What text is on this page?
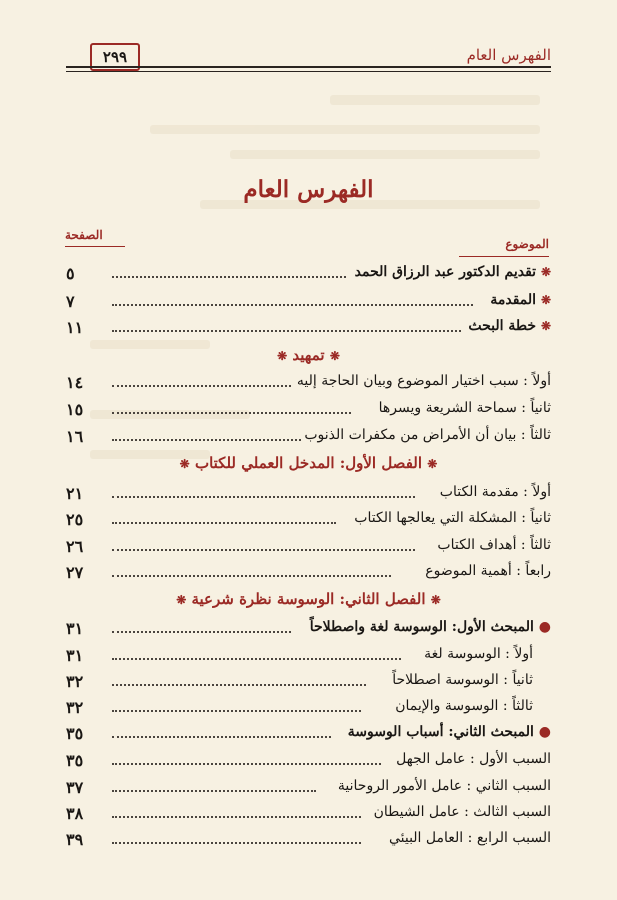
الفهرس العام
٢٩٩
الفهرس العام
الصفحة
الموضوع
❋ تقديم الدكتور عبد الرزاق الحمد
٥
❋ المقدمة
٧
❋ خطة البحث
١١
❋ تمهيد ❋
أولاً : سبب اختيار الموضوع وبيان الحاجة إليه
١٤
ثانياً : سماحة الشريعة ويسرها
١٥
ثالثاً : بيان أن الأمراض من مكفرات الذنوب
١٦
❋ الفصل الأول: المدخل العملي للكتاب ❋
أولاً : مقدمة الكتاب
٢١
ثانياً : المشكلة التي يعالجها الكتاب
٢٥
ثالثاً : أهداف الكتاب
٢٦
رابعاً : أهمية الموضوع
٢٧
❋ الفصل الثاني: الوسوسة نظرة شرعية ❋
● المبحث الأول: الوسوسة لغة واصطلاحاً
٣١
أولاً : الوسوسة لغة
٣١
ثانياً : الوسوسة اصطلاحاً
٣٢
ثالثاً : الوسوسة والإيمان
٣٢
● المبحث الثاني: أسباب الوسوسة
٣٥
السبب الأول : عامل الجهل
٣٥
السبب الثاني : عامل الأمور الروحانية
٣٧
السبب الثالث : عامل الشيطان
٣٨
السبب الرابع : العامل البيئي
٣٩
